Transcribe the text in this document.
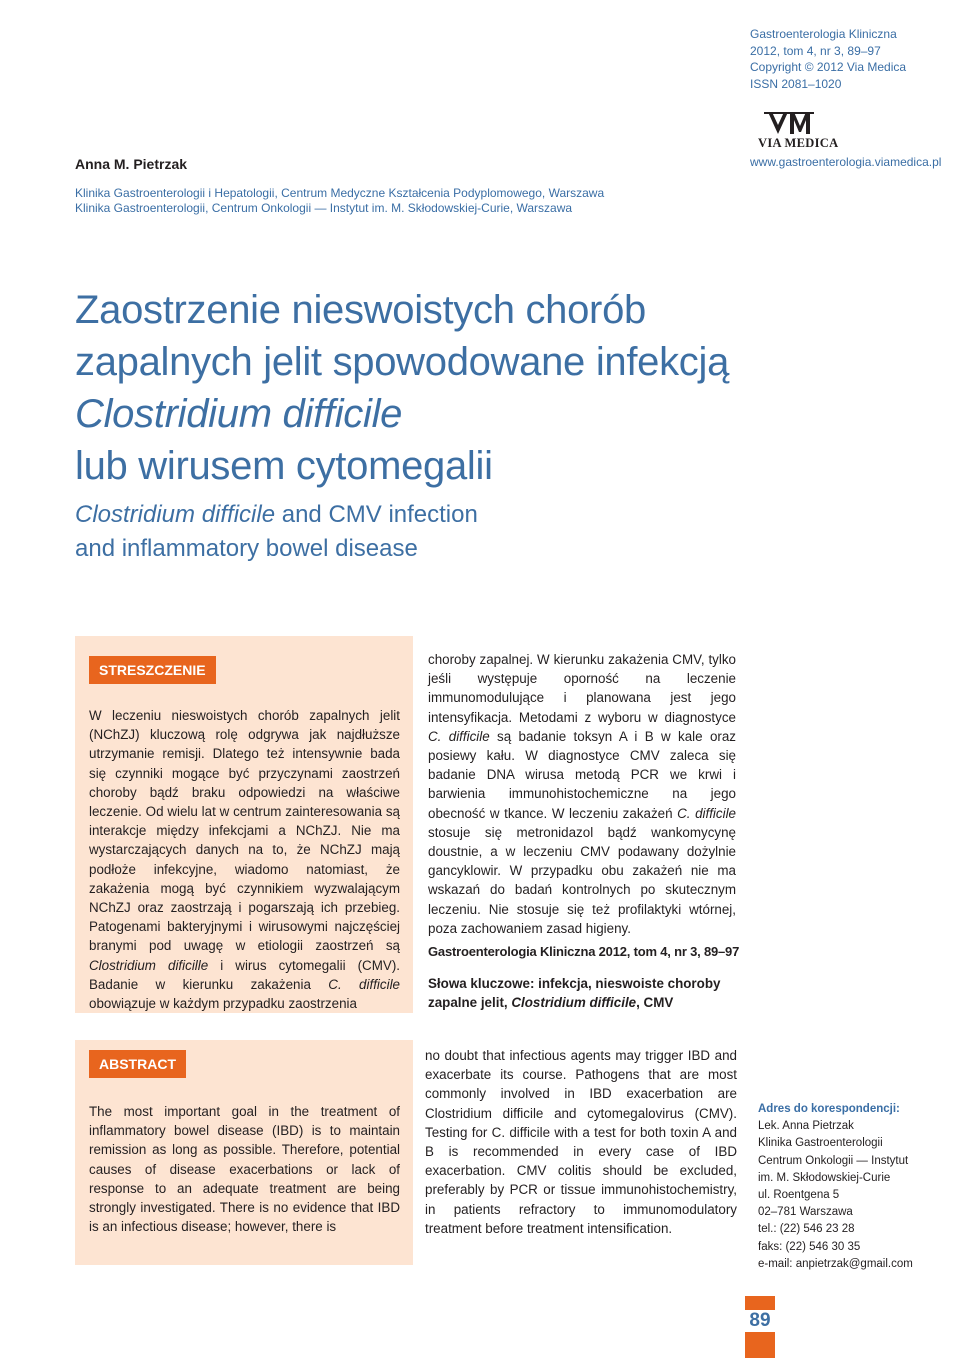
Gastroenterologia Kliniczna
2012, tom 4, nr 3, 89–97
Copyright © 2012 Via Medica
ISSN 2081–1020
VIA MEDICA
www.gastroenterologia.viamedica.pl
Anna M. Pietrzak
Klinika Gastroenterologii i Hepatologii, Centrum Medyczne Kształcenia Podyplomowego, Warszawa
Klinika Gastroenterologii, Centrum Onkologii — Instytut im. M. Skłodowskiej-Curie, Warszawa
Zaostrzenie nieswoistych chorób
zapalnych jelit spowodowane infekcją
Clostridium difficile
lub wirusem cytomegalii
Clostridium difficile and CMV infection
and inflammatory bowel disease
STRESZCZENIE
W leczeniu nieswoistych chorób zapalnych jelit (NChZJ) kluczową rolę odgrywa jak najdłuższe utrzymanie remisji. Dlatego też intensywnie bada się czynniki mogące być przyczynami zaostrzeń choroby bądź braku odpowiedzi na właściwe leczenie. Od wielu lat w centrum zainteresowania są interakcje między infekcjami a NChZJ. Nie ma wystarczających danych na to, że NChZJ mają podłoże infekcyjne, wiadomo natomiast, że zakażenia mogą być czynnikiem wyzwalającym NChZJ oraz zaostrzają i pogarszają ich przebieg. Patogenami bakteryjnymi i wirusowymi najczęściej branymi pod uwagę w etiologii zaostrzeń są Clostridium dificille i wirus cytomegalii (CMV). Badanie w kierunku zakażenia C. difficile obowiązuje w każdym przypadku zaostrzenia
choroby zapalnej. W kierunku zakażenia CMV, tylko jeśli występuje oporność na leczenie immunomodulujące i planowana jest jego intensyfikacja. Metodami z wyboru w diagnostyce C. difficile są badanie toksyn A i B w kale oraz posiewy kału. W diagnostyce CMV zaleca się badanie DNA wirusa metodą PCR we krwi i barwienia immunohistochemiczne na jego obecność w tkance. W leczeniu zakażeń C. difficile stosuje się metronidazol bądź wankomycynę doustnie, a w leczeniu CMV podawany dożylnie gancyklowir. W przypadku obu zakażeń nie ma wskazań do badań kontrolnych po skutecznym leczeniu. Nie stosuje się też profilaktyki wtórnej, poza zachowaniem zasad higieny.
Gastroenterologia Kliniczna 2012, tom 4, nr 3, 89–97
Słowa kluczowe: infekcja, nieswoiste choroby zapalne jelit, Clostridium difficile, CMV
ABSTRACT
The most important goal in the treatment of inflammatory bowel disease (IBD) is to maintain remission as long as possible. Therefore, potential causes of disease exacerbations or lack of response to an adequate treatment are being strongly investigated. There is no evidence that IBD is an infectious disease; however, there is
no doubt that infectious agents may trigger IBD and exacerbate its course. Pathogens that are most commonly involved in IBD exacerbation are Clostridium difficile and cytomegalovirus (CMV). Testing for C. difficile with a test for both toxin A and B is recommended in every case of IBD exacerbation. CMV colitis should be excluded, preferably by PCR or tissue immunohistochemistry, in patients refractory to immunomodulatory treatment before treatment intensification.
Adres do korespondencji:
Lek. Anna Pietrzak
Klinika Gastroenterologii
Centrum Onkologii — Instytut
im. M. Skłodowskiej-Curie
ul. Roentgena 5
02–781 Warszawa
tel.: (22) 546 23 28
faks: (22) 546 30 35
e-mail: anpietrzak@gmail.com
89
